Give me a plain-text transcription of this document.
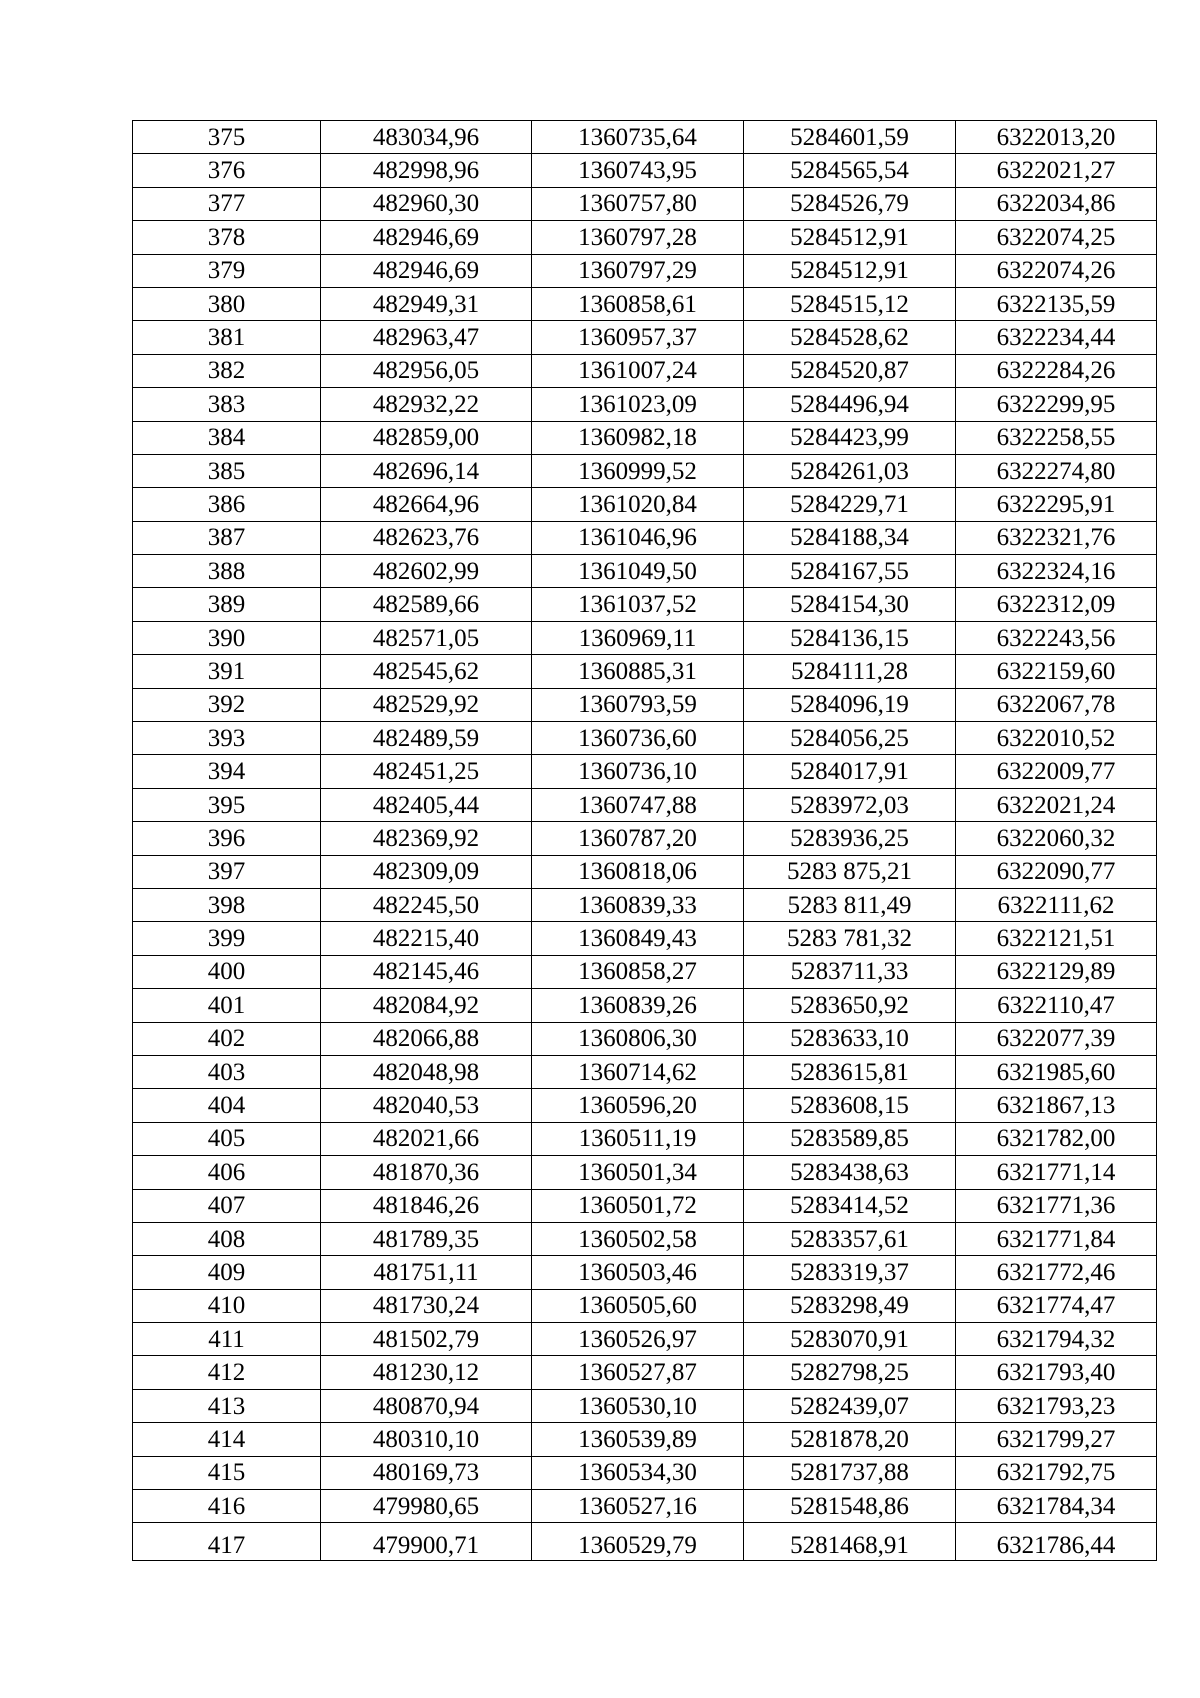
375	483034,96	1360735,64	5284601,59	6322013,20
376	482998,96	1360743,95	5284565,54	6322021,27
377	482960,30	1360757,80	5284526,79	6322034,86
378	482946,69	1360797,28	5284512,91	6322074,25
379	482946,69	1360797,29	5284512,91	6322074,26
380	482949,31	1360858,61	5284515,12	6322135,59
381	482963,47	1360957,37	5284528,62	6322234,44
382	482956,05	1361007,24	5284520,87	6322284,26
383	482932,22	1361023,09	5284496,94	6322299,95
384	482859,00	1360982,18	5284423,99	6322258,55
385	482696,14	1360999,52	5284261,03	6322274,80
386	482664,96	1361020,84	5284229,71	6322295,91
387	482623,76	1361046,96	5284188,34	6322321,76
388	482602,99	1361049,50	5284167,55	6322324,16
389	482589,66	1361037,52	5284154,30	6322312,09
390	482571,05	1360969,11	5284136,15	6322243,56
391	482545,62	1360885,31	5284111,28	6322159,60
392	482529,92	1360793,59	5284096,19	6322067,78
393	482489,59	1360736,60	5284056,25	6322010,52
394	482451,25	1360736,10	5284017,91	6322009,77
395	482405,44	1360747,88	5283972,03	6322021,24
396	482369,92	1360787,20	5283936,25	6322060,32
397	482309,09	1360818,06	5283 875,21	6322090,77
398	482245,50	1360839,33	5283 811,49	6322111,62
399	482215,40	1360849,43	5283 781,32	6322121,51
400	482145,46	1360858,27	5283711,33	6322129,89
401	482084,92	1360839,26	5283650,92	6322110,47
402	482066,88	1360806,30	5283633,10	6322077,39
403	482048,98	1360714,62	5283615,81	6321985,60
404	482040,53	1360596,20	5283608,15	6321867,13
405	482021,66	1360511,19	5283589,85	6321782,00
406	481870,36	1360501,34	5283438,63	6321771,14
407	481846,26	1360501,72	5283414,52	6321771,36
408	481789,35	1360502,58	5283357,61	6321771,84
409	481751,11	1360503,46	5283319,37	6321772,46
410	481730,24	1360505,60	5283298,49	6321774,47
411	481502,79	1360526,97	5283070,91	6321794,32
412	481230,12	1360527,87	5282798,25	6321793,40
413	480870,94	1360530,10	5282439,07	6321793,23
414	480310,10	1360539,89	5281878,20	6321799,27
415	480169,73	1360534,30	5281737,88	6321792,75
416	479980,65	1360527,16	5281548,86	6321784,34
417	479900,71	1360529,79	5281468,91	6321786,44
